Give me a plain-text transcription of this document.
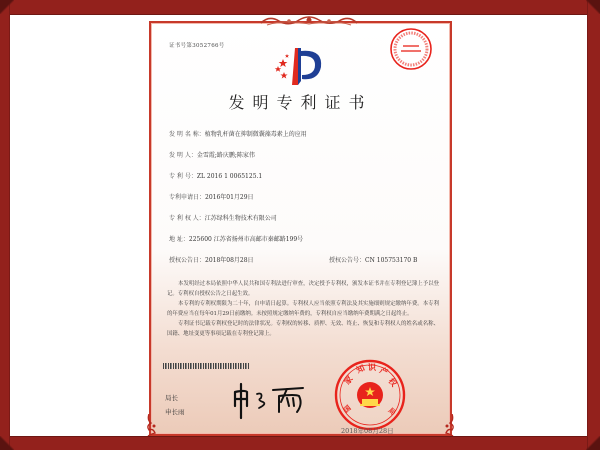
证书号第3052766号
发明专利证书
发 明 名 称：植物乳杆菌在抑制微囊藻毒素上的应用
发 明 人：金雪霞;路庆鹏;陈家伟
专 利 号：ZL 2016 1 0065125.1
专利申请日：2016年01月29日
专 利 权 人：江苏绿科生物技术有限公司
地 址：225600 江苏省扬州市高邮市秦邮路199号
授权公告日：2018年08月28日	授权公告号：CN 105753170 B

本发明经过本局依照中华人民共和国专利法进行审查，决定授予专利权，颁发本证书并在专利登记簿上予以登记。专利权自授权公告之日起生效。

本专利的专利权期限为二十年，自申请日起算。专利权人应当依照专利法及其实施细则规定缴纳年费。本专利的年费应当在每年01月29日前缴纳。未按照规定缴纳年费的，专利权自应当缴纳年费期满之日起终止。

专利证书记载专利权登记时的法律状况。专利权的转移、质押、无效、终止、恢复和专利权人的姓名或名称、国籍、地址变更等事项记载在专利登记簿上。

局长
申长雨
家
知 识 产
权
国	局
2018年08月28日
